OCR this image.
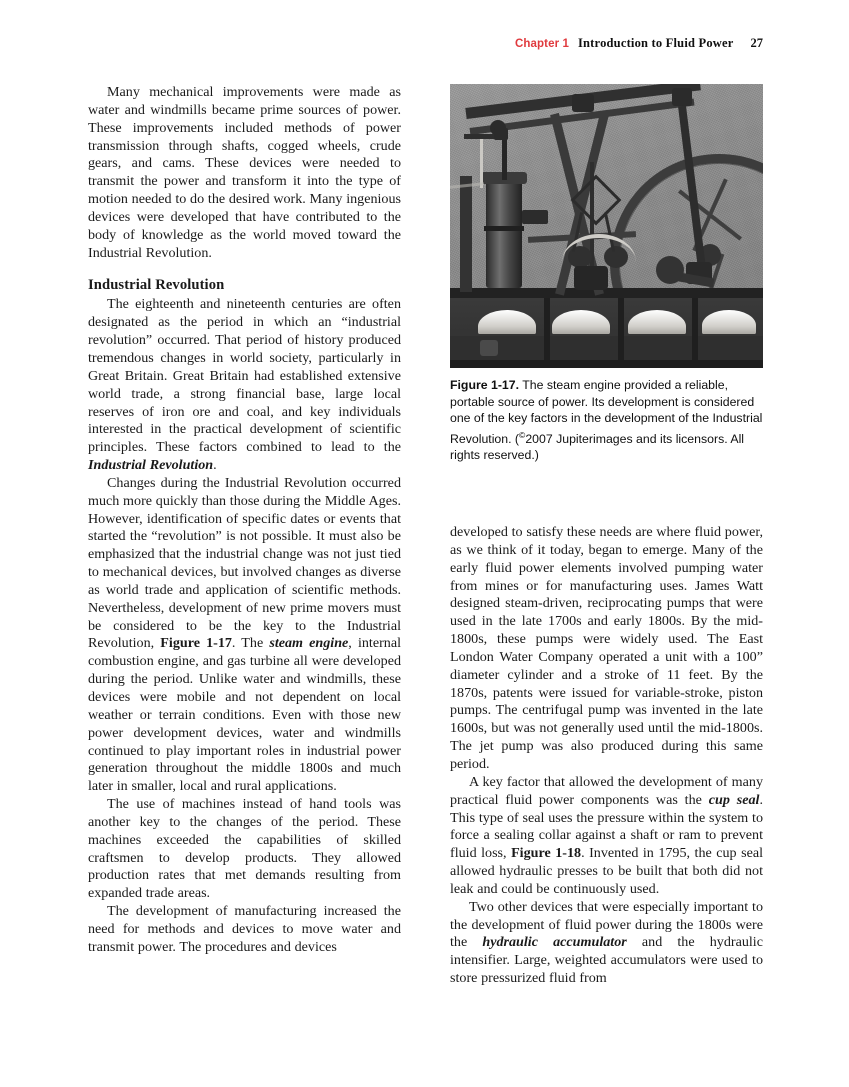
Chapter 1 Introduction to Fluid Power 27

Many mechanical improvements were made as water and windmills became prime sources of power. These improvements included methods of power transmission through shafts, cogged wheels, crude gears, and cams. These devices were needed to transmit the power and transform it into the type of motion needed to do the desired work. Many ingenious devices were developed that have contributed to the body of knowledge as the world moved toward the Industrial Revolution.

Industrial Revolution

The eighteenth and nineteenth centuries are often designated as the period in which an “industrial revolution” occurred. That period of history produced tremendous changes in world society, particularly in Great Britain. Great Britain had established extensive world trade, a strong financial base, large local reserves of iron ore and coal, and key individuals interested in the practical development of scientific principles. These factors combined to lead to the Industrial Revolution.

Changes during the Industrial Revolution occurred much more quickly than those during the Middle Ages. However, identification of specific dates or events that started the “revolution” is not possible. It must also be emphasized that the industrial change was not just tied to mechanical devices, but involved changes as diverse as world trade and application of scientific methods. Nevertheless, development of new prime movers must be considered to be the key to the Industrial Revolution, Figure 1-17. The steam engine, internal combustion engine, and gas turbine all were developed during the period. Unlike water and windmills, these devices were mobile and not dependent on local weather or terrain conditions. Even with those new power development devices, water and windmills continued to play important roles in industrial power generation throughout the middle 1800s and much later in smaller, local and rural applications.

The use of machines instead of hand tools was another key to the changes of the period. These machines exceeded the capabilities of skilled craftsmen to develop products. They allowed production rates that met demands resulting from expanded trade areas.

The development of manufacturing increased the need for methods and devices to move water and transmit power. The procedures and devices

Figure 1-17. The steam engine provided a reliable, portable source of power. Its development is considered one of the key factors in the development of the Industrial Revolution. (©2007 Jupiterimages and its licensors. All rights reserved.)

developed to satisfy these needs are where fluid power, as we think of it today, began to emerge. Many of the early fluid power elements involved pumping water from mines or for manufacturing uses. James Watt designed steam-driven, reciprocating pumps that were used in the late 1700s and early 1800s. By the mid-1800s, these pumps were widely used. The East London Water Company operated a unit with a 100” diameter cylinder and a stroke of 11 feet. By the 1870s, patents were issued for variable-stroke, piston pumps. The centrifugal pump was invented in the late 1600s, but was not generally used until the mid-1800s. The jet pump was also produced during this same period.

A key factor that allowed the development of many practical fluid power components was the cup seal. This type of seal uses the pressure within the system to force a sealing collar against a shaft or ram to prevent fluid loss, Figure 1-18. Invented in 1795, the cup seal allowed hydraulic presses to be built that both did not leak and could be continuously used.

Two other devices that were especially important to the development of fluid power during the 1800s were the hydraulic accumulator and the hydraulic intensifier. Large, weighted accumulators were used to store pressurized fluid from
